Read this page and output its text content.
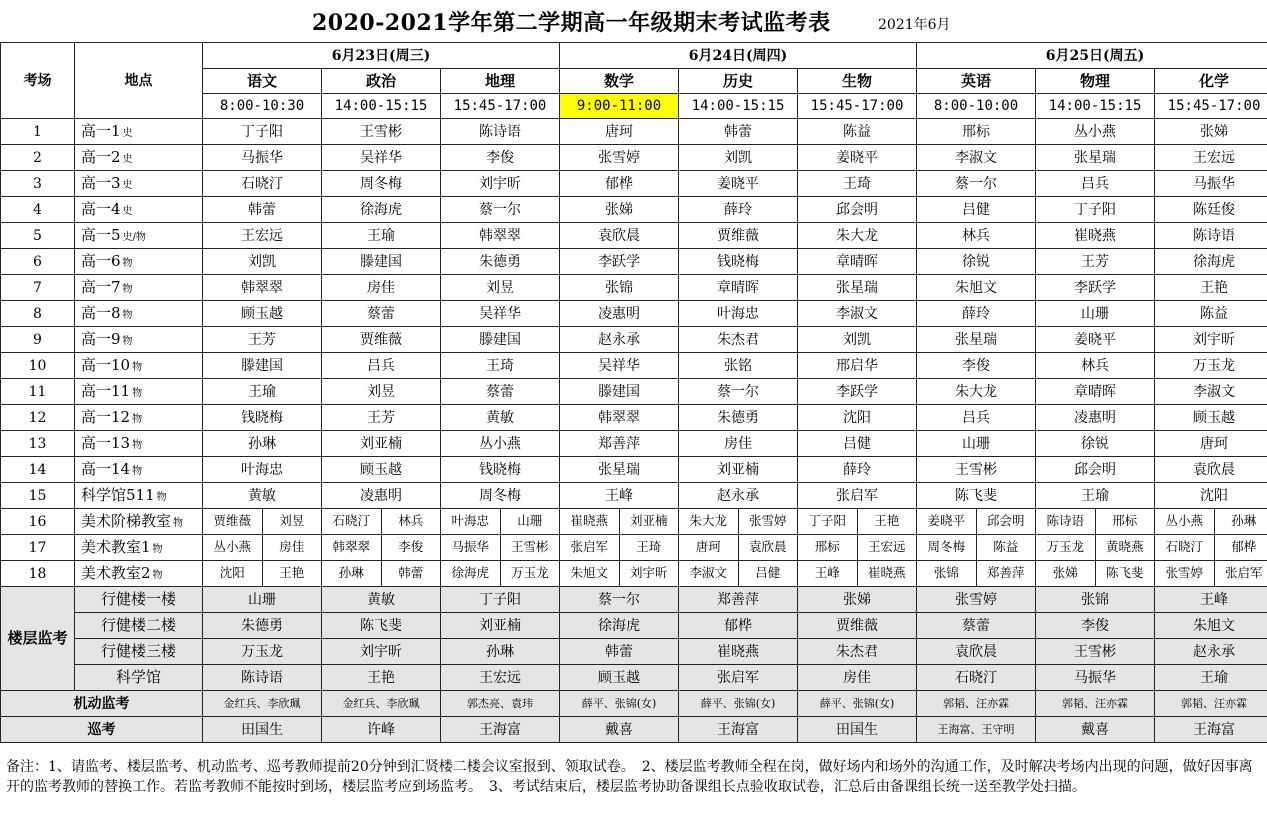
2020-2021学年第二学期高一年级期末考试监考表	2021年6月
考场	地点	6月23日(周三)						6月24日(周四)						6月25日(周五)					
		语文		政治		地理		数学		历史		生物		英语		物理		化学	
		8:00-10:30		14:00-15:15		15:45-17:00		9:00-11:00		14:00-15:15		15:45-17:00		8:00-10:00		14:00-15:15		15:45-17:00	
1	高一1 史	丁子阳		王雪彬		陈诗语		唐珂		韩蕾		陈益		邢标		丛小燕		张娣	
2	高一2 史	马振华		吴祥华		李俊		张雪婷		刘凯		姜晓平		李淑文		张星瑞		王宏远	
3	高一3 史	石晓汀		周冬梅		刘宇昕		郁桦		姜晓平		王琦		蔡一尔		吕兵		马振华	
4	高一4 史	韩蕾		徐海虎		蔡一尔		张娣		薛玲		邱会明		吕健		丁子阳		陈廷俊	
5	高一5 史/物	王宏远		王瑜		韩翠翠		袁欣晨		贾维薇		朱大龙		林兵		崔晓燕		陈诗语	
6	高一6 物	刘凯		滕建国		朱德勇		李跃学		钱晓梅		章晴晖		徐锐		王芳		徐海虎	
7	高一7 物	韩翠翠		房佳		刘昱		张锦		章晴晖		张星瑞		朱旭文		李跃学		王艳	
8	高一8 物	顾玉越		蔡蕾		吴祥华		凌惠明		叶海忠		李淑文		薛玲		山珊		陈益	
9	高一9 物	王芳		贾维薇		滕建国		赵永承		朱杰君		刘凯		张星瑞		姜晓平		刘宇昕	
10	高一10 物	滕建国		吕兵		王琦		吴祥华		张铭		邢启华		李俊		林兵		万玉龙	
11	高一11 物	王瑜		刘昱		蔡蕾		滕建国		蔡一尔		李跃学		朱大龙		章晴晖		李淑文	
12	高一12 物	钱晓梅		王芳		黄敏		韩翠翠		朱德勇		沈阳		吕兵		凌惠明		顾玉越	
13	高一13 物	孙琳		刘亚楠		丛小燕		郑善萍		房佳		吕健		山珊		徐锐		唐珂	
14	高一14 物	叶海忠		顾玉越		钱晓梅		张星瑞		刘亚楠		薛玲		王雪彬		邱会明		袁欣晨	
15	科学馆511 物	黄敏		凌惠明		周冬梅		王峰		赵永承		张启军		陈飞斐		王瑜		沈阳	
16	美术阶梯教室 物	贾维薇	刘昱	石晓汀	林兵	叶海忠	山珊	崔晓燕	刘亚楠	朱大龙	张雪婷	丁子阳	王艳	姜晓平	邱会明	陈诗语	邢标	丛小燕	孙琳
17	美术教室1 物	丛小燕	房佳	韩翠翠	李俊	马振华	王雪彬	张启军	王琦	唐珂	袁欣晨	邢标	王宏远	周冬梅	陈益	万玉龙	黄晓燕	石晓汀	郁桦
18	美术教室2 物	沈阳	王艳	孙琳	韩蕾	徐海虎	万玉龙	朱旭文	刘宇昕	李淑文	吕健	王峰	崔晓燕	张锦	郑善萍	张娣	陈飞斐	张雪婷	张启军
楼层监考	行健楼一楼	山珊		黄敏		丁子阳		蔡一尔		郑善萍		张娣		张雪婷		张锦		王峰	
	行健楼二楼	朱德勇		陈飞斐		刘亚楠		徐海虎		郁桦		贾维薇		蔡蕾		李俊		朱旭文	
	行健楼三楼	万玉龙		刘宇昕		孙琳		韩蕾		崔晓燕		朱杰君		袁欣晨		王雪彬		赵永承	
	科学馆	陈诗语		王艳		王宏远		顾玉越		张启军		房佳		石晓汀		马振华		王瑜	
机动监考		金红兵、李欣珮		金红兵、李欣珮		郭杰亮、袁玮		薛平、张锦(女)		薛平、张锦(女)		薛平、张锦(女)		郭韬、汪亦霖		郭韬、汪亦霖		郭韬、汪亦霖	
巡考		田国生		许峰		王海富		戴喜		王海富		田国生		王海富、王守明		戴喜		王海富	
备注：1、请监考、楼层监考、机动监考、巡考教师提前20分钟到汇贤楼二楼会议室报到、领取试卷。　2、楼层监考教师全程在岗，做好场内和场外的沟通工作，及时解决考场内出现的问题，做好因事离开的监考教师的替换工作。若监考教师不能按时到场，楼层监考应到场监考。　3、考试结束后，楼层监考协助备课组长点验收取试卷，汇总后由备课组长统一送至教学处扫描。
